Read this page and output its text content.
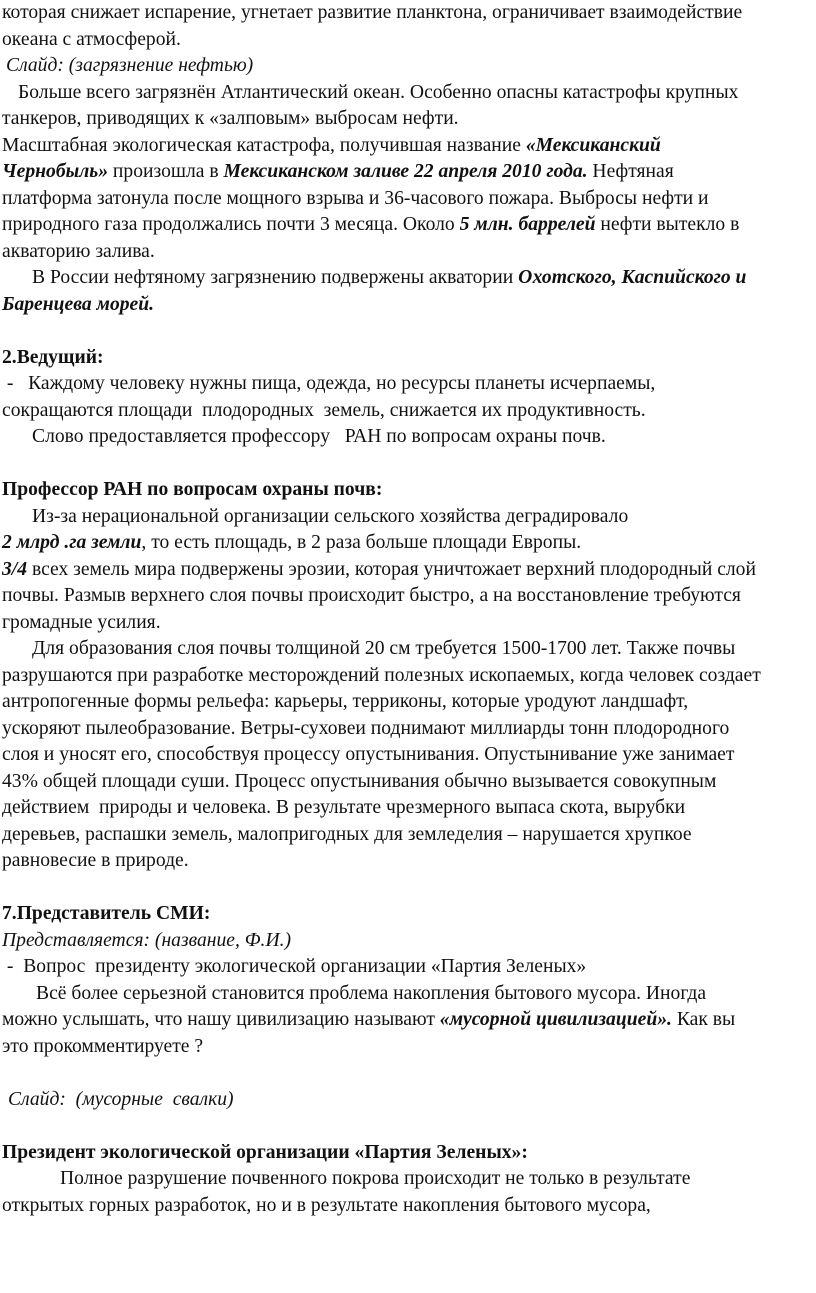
которая снижает испарение, угнетает развитие планктона, ограничивает взаимодействие

океана с атмосферой.

Слайд: (загрязнение нефтью)

Больше всего загрязнён Атлантический океан. Особенно опасны катастрофы крупных

танкеров, приводящих к «залповым» выбросам нефти.

Масштабная экологическая катастрофа, получившая название «Мексиканский

Чернобыль» произошла в Мексиканском заливе 22 апреля 2010 года. Нефтяная

платформа затонула после мощного взрыва и 36-часового пожара. Выбросы нефти и

природного газа продолжались почти 3 месяца. Около 5 млн. баррелей нефти вытекло в

акваторию залива.

В России нефтяному загрязнению подвержены акватории Охотского, Каспийского и

Баренцева морей.

2.Ведущий:

-   Каждому человеку нужны пища, одежда, но ресурсы планеты исчерпаемы,

сокращаются площади  плодородных  земель, снижается их продуктивность.

Слово предоставляется профессору   РАН по вопросам охраны почв.

Профессор РАН по вопросам охраны почв:

Из-за нерациональной организации сельского хозяйства деградировало

2 млрд .га земли, то есть площадь, в 2 раза больше площади Европы.

3/4 всех земель мира подвержены эрозии, которая уничтожает верхний плодородный слой

почвы. Размыв верхнего слоя почвы происходит быстро, а на восстановление требуются

громадные усилия.

Для образования слоя почвы толщиной 20 см требуется 1500-1700 лет. Также почвы

разрушаются при разработке месторождений полезных ископаемых, когда человек создает

антропогенные формы рельефа: карьеры, терриконы, которые уродуют ландшафт,

ускоряют пылеобразование. Ветры-суховеи поднимают миллиарды тонн плодородного

слоя и уносят его, способствуя процессу опустынивания. Опустынивание уже занимает

43% общей площади суши. Процесс опустынивания обычно вызывается совокупным

действием  природы и человека. В результате чрезмерного выпаса скота, вырубки

деревьев, распашки земель, малопригодных для земледелия – нарушается хрупкое

равновесие в природе.

7.Представитель СМИ:

Представляется: (название, Ф.И.)

-  Вопрос  президенту экологической организации «Партия Зеленых»

Всё более серьезной становится проблема накопления бытового мусора. Иногда

можно услышать, что нашу цивилизацию называют «мусорной цивилизацией». Как вы

это прокомментируете ?

Слайд:  (мусорные  свалки)

Президент экологической организации «Партия Зеленых»:

Полное разрушение почвенного покрова происходит не только в результате

открытых горных разработок, но и в результате накопления бытового мусора,
